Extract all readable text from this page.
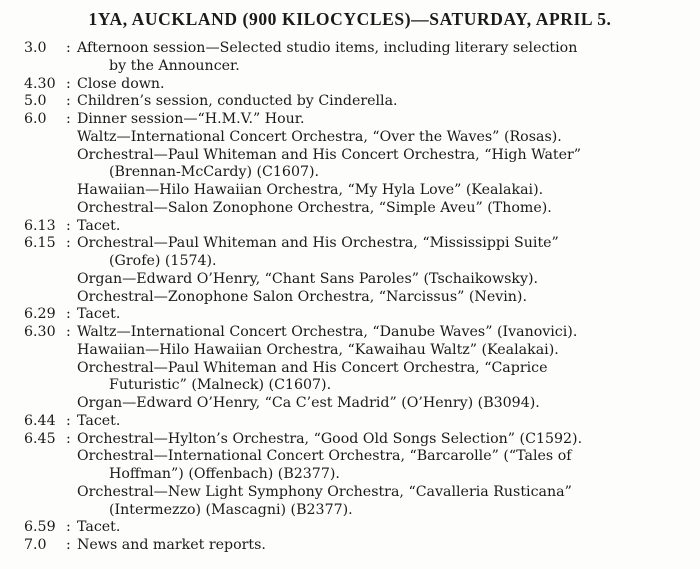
1YA, AUCKLAND (900 KILOCYCLES)—SATURDAY, APRIL 5.
3.0 : Afternoon session—Selected studio items, including literary selection
by the Announcer.
4.30 : Close down.
5.0 : Children’s session, conducted by Cinderella.
6.0 : Dinner session—“H.M.V.” Hour.
Waltz—International Concert Orchestra, “Over the Waves” (Rosas).
Orchestral—Paul Whiteman and His Concert Orchestra, “High Water”
(Brennan-McCardy) (C1607).
Hawaiian—Hilo Hawaiian Orchestra, “My Hyla Love” (Kealakai).
Orchestral—Salon Zonophone Orchestra, “Simple Aveu” (Thome).
6.13 : Tacet.
6.15 : Orchestral—Paul Whiteman and His Orchestra, “Mississippi Suite”
(Grofe) (1574).
Organ—Edward O’Henry, “Chant Sans Paroles” (Tschaikowsky).
Orchestral—Zonophone Salon Orchestra, “Narcissus” (Nevin).
6.29 : Tacet.
6.30 : Waltz—International Concert Orchestra, “Danube Waves” (Ivanovici).
Hawaiian—Hilo Hawaiian Orchestra, “Kawaihau Waltz” (Kealakai).
Orchestral—Paul Whiteman and His Concert Orchestra, “Caprice
Futuristic” (Malneck) (C1607).
Organ—Edward O’Henry, “Ca C’est Madrid” (O’Henry) (B3094).
6.44 : Tacet.
6.45 : Orchestral—Hylton’s Orchestra, “Good Old Songs Selection” (C1592).
Orchestral—International Concert Orchestra, “Barcarolle” (“Tales of
Hoffman”) (Offenbach) (B2377).
Orchestral—New Light Symphony Orchestra, “Cavalleria Rusticana”
(Intermezzo) (Mascagni) (B2377).
6.59 : Tacet.
7.0 : News and market reports.
